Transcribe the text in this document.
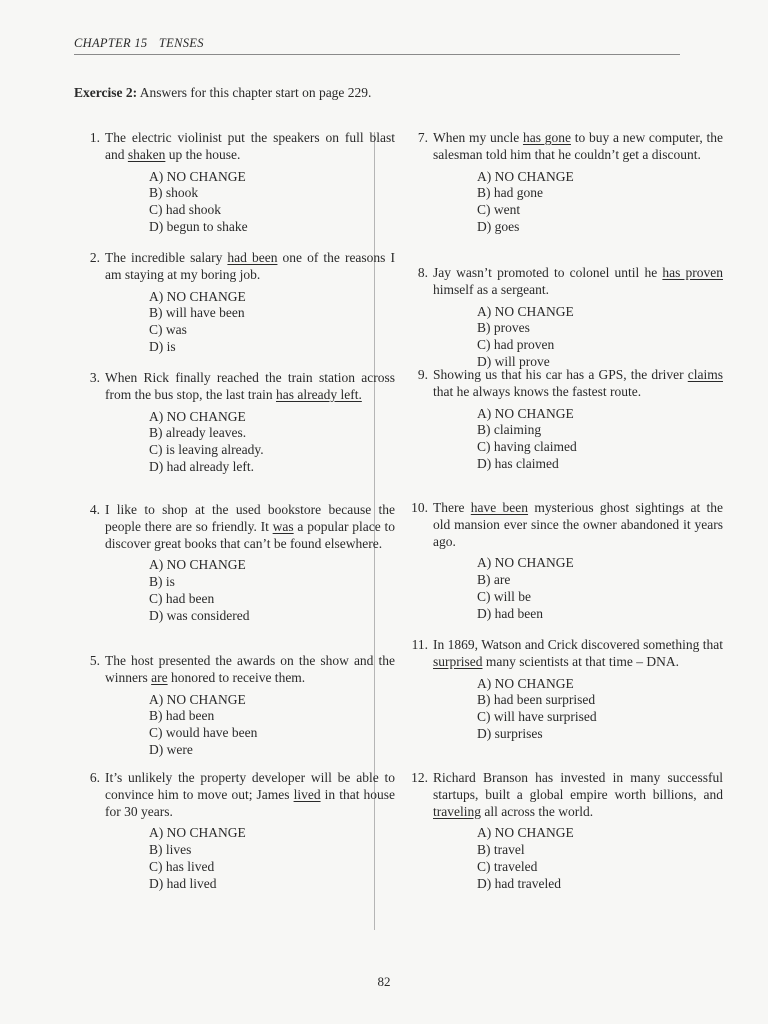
CHAPTER 15 TENSES
Exercise 2: Answers for this chapter start on page 229.
1. The electric violinist put the speakers on full blast and shaken up the house.
A) NO CHANGE
B) shook
C) had shook
D) begun to shake
2. The incredible salary had been one of the reasons I am staying at my boring job.
A) NO CHANGE
B) will have been
C) was
D) is
3. When Rick finally reached the train station across from the bus stop, the last train has already left.
A) NO CHANGE
B) already leaves.
C) is leaving already.
D) had already left.
4. I like to shop at the used bookstore because the people there are so friendly. It was a popular place to discover great books that can’t be found elsewhere.
A) NO CHANGE
B) is
C) had been
D) was considered
5. The host presented the awards on the show and the winners are honored to receive them.
A) NO CHANGE
B) had been
C) would have been
D) were
6. It’s unlikely the property developer will be able to convince him to move out; James lived in that house for 30 years.
A) NO CHANGE
B) lives
C) has lived
D) had lived
7. When my uncle has gone to buy a new computer, the salesman told him that he couldn’t get a discount.
A) NO CHANGE
B) had gone
C) went
D) goes
8. Jay wasn’t promoted to colonel until he has proven himself as a sergeant.
A) NO CHANGE
B) proves
C) had proven
D) will prove
9. Showing us that his car has a GPS, the driver claims that he always knows the fastest route.
A) NO CHANGE
B) claiming
C) having claimed
D) has claimed
10. There have been mysterious ghost sightings at the old mansion ever since the owner abandoned it years ago.
A) NO CHANGE
B) are
C) will be
D) had been
11. In 1869, Watson and Crick discovered something that surprised many scientists at that time – DNA.
A) NO CHANGE
B) had been surprised
C) will have surprised
D) surprises
12. Richard Branson has invested in many successful startups, built a global empire worth billions, and traveling all across the world.
A) NO CHANGE
B) travel
C) traveled
D) had traveled
82
